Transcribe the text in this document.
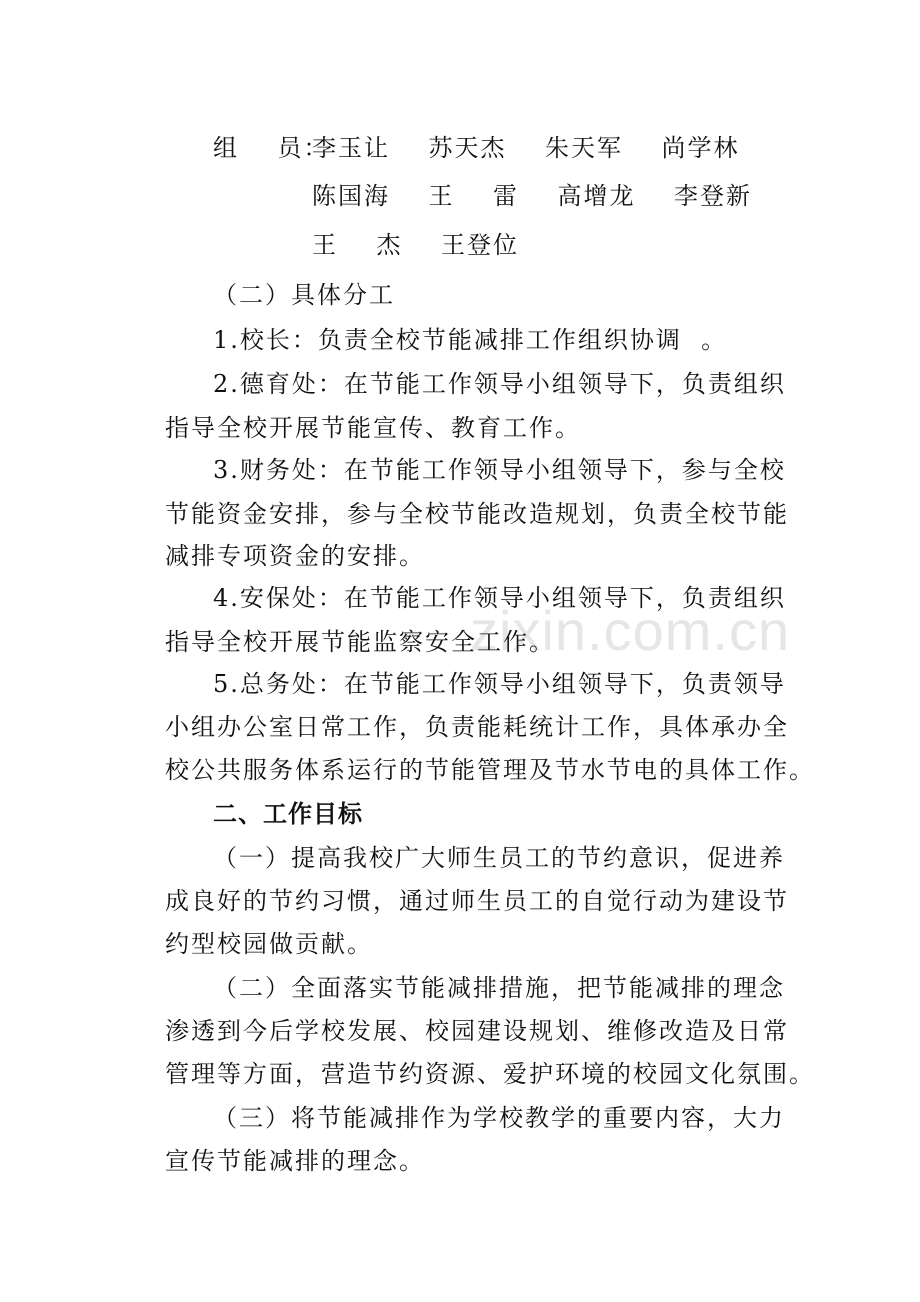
zixin.com.cn
组    员：
李玉让    苏天杰    朱天军    尚学林
陈国海    王    雷    高增龙    李登新
王    杰    王登位
（二）具体分工
1.校长：负责全校节能减排工作组织协调  。
2.德育处：在节能工作领导小组领导下，负责组织
指导全校开展节能宣传、教育工作。
3.财务处：在节能工作领导小组领导下，参与全校
节能资金安排，参与全校节能改造规划，负责全校节能
减排专项资金的安排。
4.安保处：在节能工作领导小组领导下，负责组织
指导全校开展节能监察安全工作。
5.总务处：在节能工作领导小组领导下，负责领导
小组办公室日常工作，负责能耗统计工作，具体承办全
校公共服务体系运行的节能管理及节水节电的具体工作。
二、工作目标
（一）提高我校广大师生员工的节约意识，促进养
成良好的节约习惯，通过师生员工的自觉行动为建设节
约型校园做贡献。
（二）全面落实节能减排措施，把节能减排的理念
渗透到今后学校发展、校园建设规划、维修改造及日常
管理等方面，营造节约资源、爱护环境的校园文化氛围。
（三）将节能减排作为学校教学的重要内容，大力
宣传节能减排的理念。
